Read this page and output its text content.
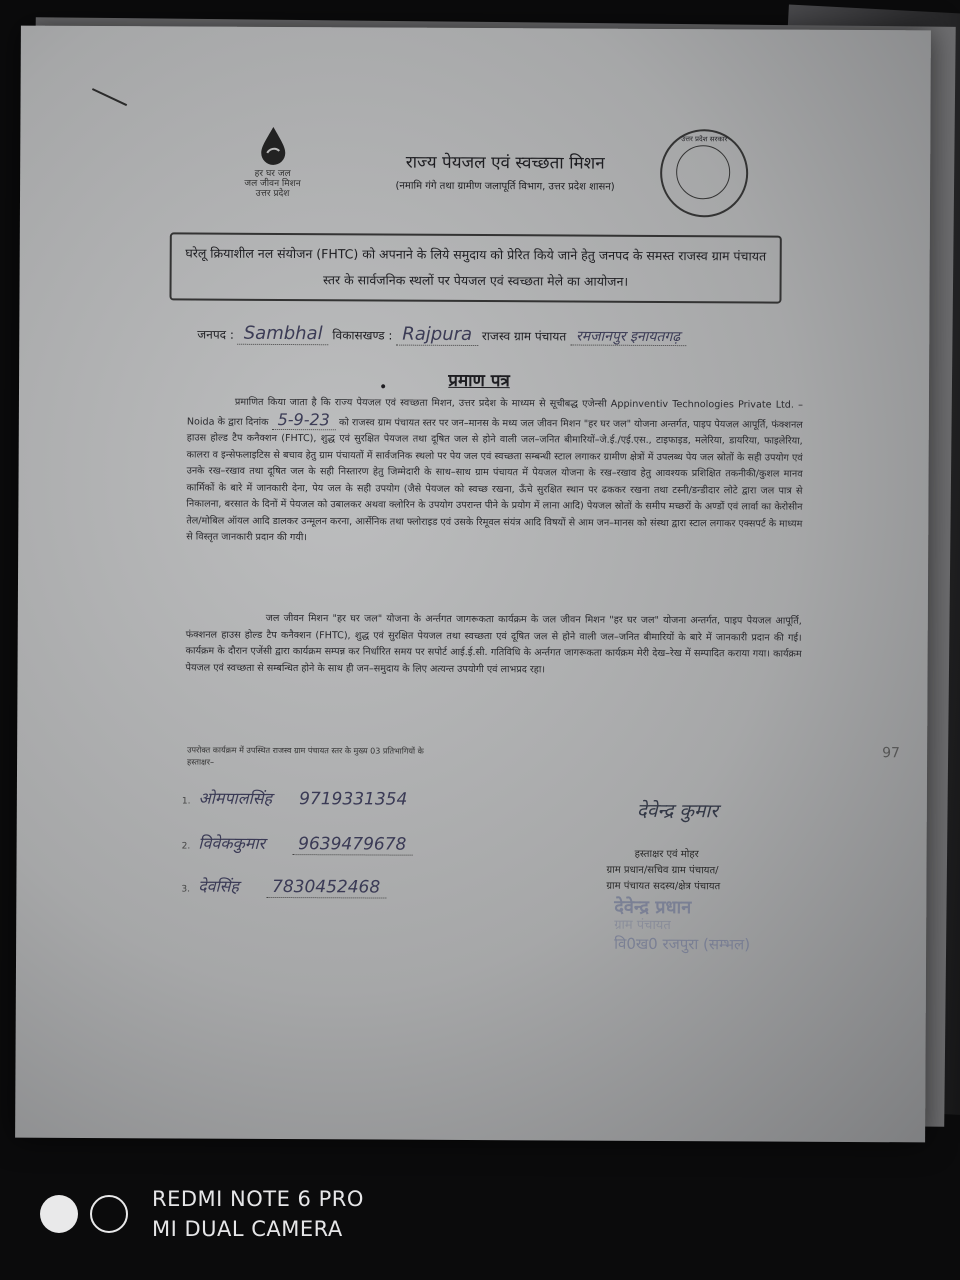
हर घर जल
जल जीवन मिशन
उत्तर प्रदेश
राज्य पेयजल एवं स्वच्छता मिशन
(नमामि गंगे तथा ग्रामीण जलापूर्ति विभाग, उत्तर प्रदेश शासन)
उत्तर प्रदेश सरकार
घरेलू क्रियाशील नल संयोजन (FHTC) को अपनाने के लिये समुदाय को प्रेरित किये जाने हेतु जनपद के समस्त राजस्व ग्राम पंचायत स्तर के सार्वजनिक स्थलों पर पेयजल एवं स्वच्छता मेले का आयोजन।
जनपद : Sambhal विकासखण्ड : Rajpura राजस्व ग्राम पंचायत रमजानपुर इनायतगढ़
•	प्रमाण पत्र
प्रमाणित किया जाता है कि राज्य पेयजल एवं स्वच्छता मिशन, उत्तर प्रदेश के माध्यम से सूचीबद्ध एजेन्सी Appinventiv Technologies Private Ltd. – Noida के द्वारा दिनांक 5-9-23 को राजस्व ग्राम पंचायत स्तर पर जन–मानस के मध्य जल जीवन मिशन "हर घर जल" योजना अन्तर्गत, पाइप पेयजल आपूर्ति, फंक्शनल हाउस होल्ड टैप कनैक्शन (FHTC), शुद्ध एवं सुरक्षित पेयजल तथा दूषित जल से होने वाली जल–जनित बीमारियों–जे.ई./एई.एस., टाइफाइड, मलेरिया, डायरिया, फाइलेरिया, कालरा व इन्सेफलाइटिस से बचाव हेतु ग्राम पंचायतों में सार्वजनिक स्थलो पर पेय जल एवं स्वच्छता सम्बन्धी स्टाल लगाकर ग्रामीण क्षेत्रों में उपलब्ध पेय जल स्रोतों के सही उपयोग एवं उनके रख–रखाव तथा दूषित जल के सही निस्तारण हेतु जिम्मेदारी के साथ–साथ ग्राम पंचायत में पेयजल योजना के रख–रखाव हेतु आवश्यक प्रशिक्षित तकनीकी/कुशल मानव कार्मिकों के बारे में जानकारी देना, पेय जल के सही उपयोग (जैसे पेयजल को स्वच्छ रखना, ऊँचे सुरक्षित स्थान पर ढककर रखना तथा टस्नी/डन्डीदार लोटे द्वारा जल पात्र से निकालना, बरसात के दिनों में पेयजल को उबालकर अथवा क्लोरिन के उपयोग उपरान्त पीने के प्रयोग में लाना आदि) पेयजल स्रोतों के समीप मच्छरों के अण्डों एवं लार्वा का केरोसीन तेल/मोबिल ऑयल आदि डालकर उन्मूलन करना, आर्सेनिक तथा फ्लोराइड एवं उसके रिमूवल संयंत्र आदि विषयों से आम जन–मानस को संस्था द्वारा स्टाल लगाकर एक्सपर्ट के माध्यम से विस्तृत जानकारी प्रदान की गयी।
जल जीवन मिशन "हर घर जल" योजना के अर्न्तगत जागरूकता कार्यक्रम के जल जीवन मिशन "हर घर जल" योजना अन्तर्गत, पाइप पेयजल आपूर्ति, फंक्शनल हाउस होल्ड टैप कनैक्शन (FHTC), शुद्ध एवं सुरक्षित पेयजल तथा स्वच्छता एवं दूषित जल से होने वाली जल–जनित बीमारियों के बारे में जानकारी प्रदान की गई। कार्यक्रम के दौरान एजेंसी द्वारा कार्यक्रम सम्पन्न कर निर्धारित समय पर सपोर्ट आई.ई.सी. गतिविधि के अर्न्तगत जागरूकता कार्यक्रम मेरी देख–रेख में सम्पादित कराया गया। कार्यक्रम पेयजल एवं स्वच्छता से सम्बन्धित होने के साथ ही जन–समुदाय के लिए अत्यन्त उपयोगी एवं लाभप्रद रहा।
उपरोक्त कार्यक्रम में उपस्थित राजस्व ग्राम पंचायत स्तर के मुख्य 03 प्रतिभागियों के
हस्ताक्षर–
1. ओमपालसिंह 9719331354
2. विवेककुमार 9639479678
3. देवसिंह 7830452468
97
देवेन्द्र कुमार
हस्ताक्षर एवं मोहर
ग्राम प्रधान/सचिव ग्राम पंचायत/
ग्राम पंचायत सदस्य/क्षेत्र पंचायत
देवेन्द्र प्रधान
ग्राम पंचायत
वि0ख0 रजपुरा (सम्भल)
REDMI NOTE 6 PRO
MI DUAL CAMERA
